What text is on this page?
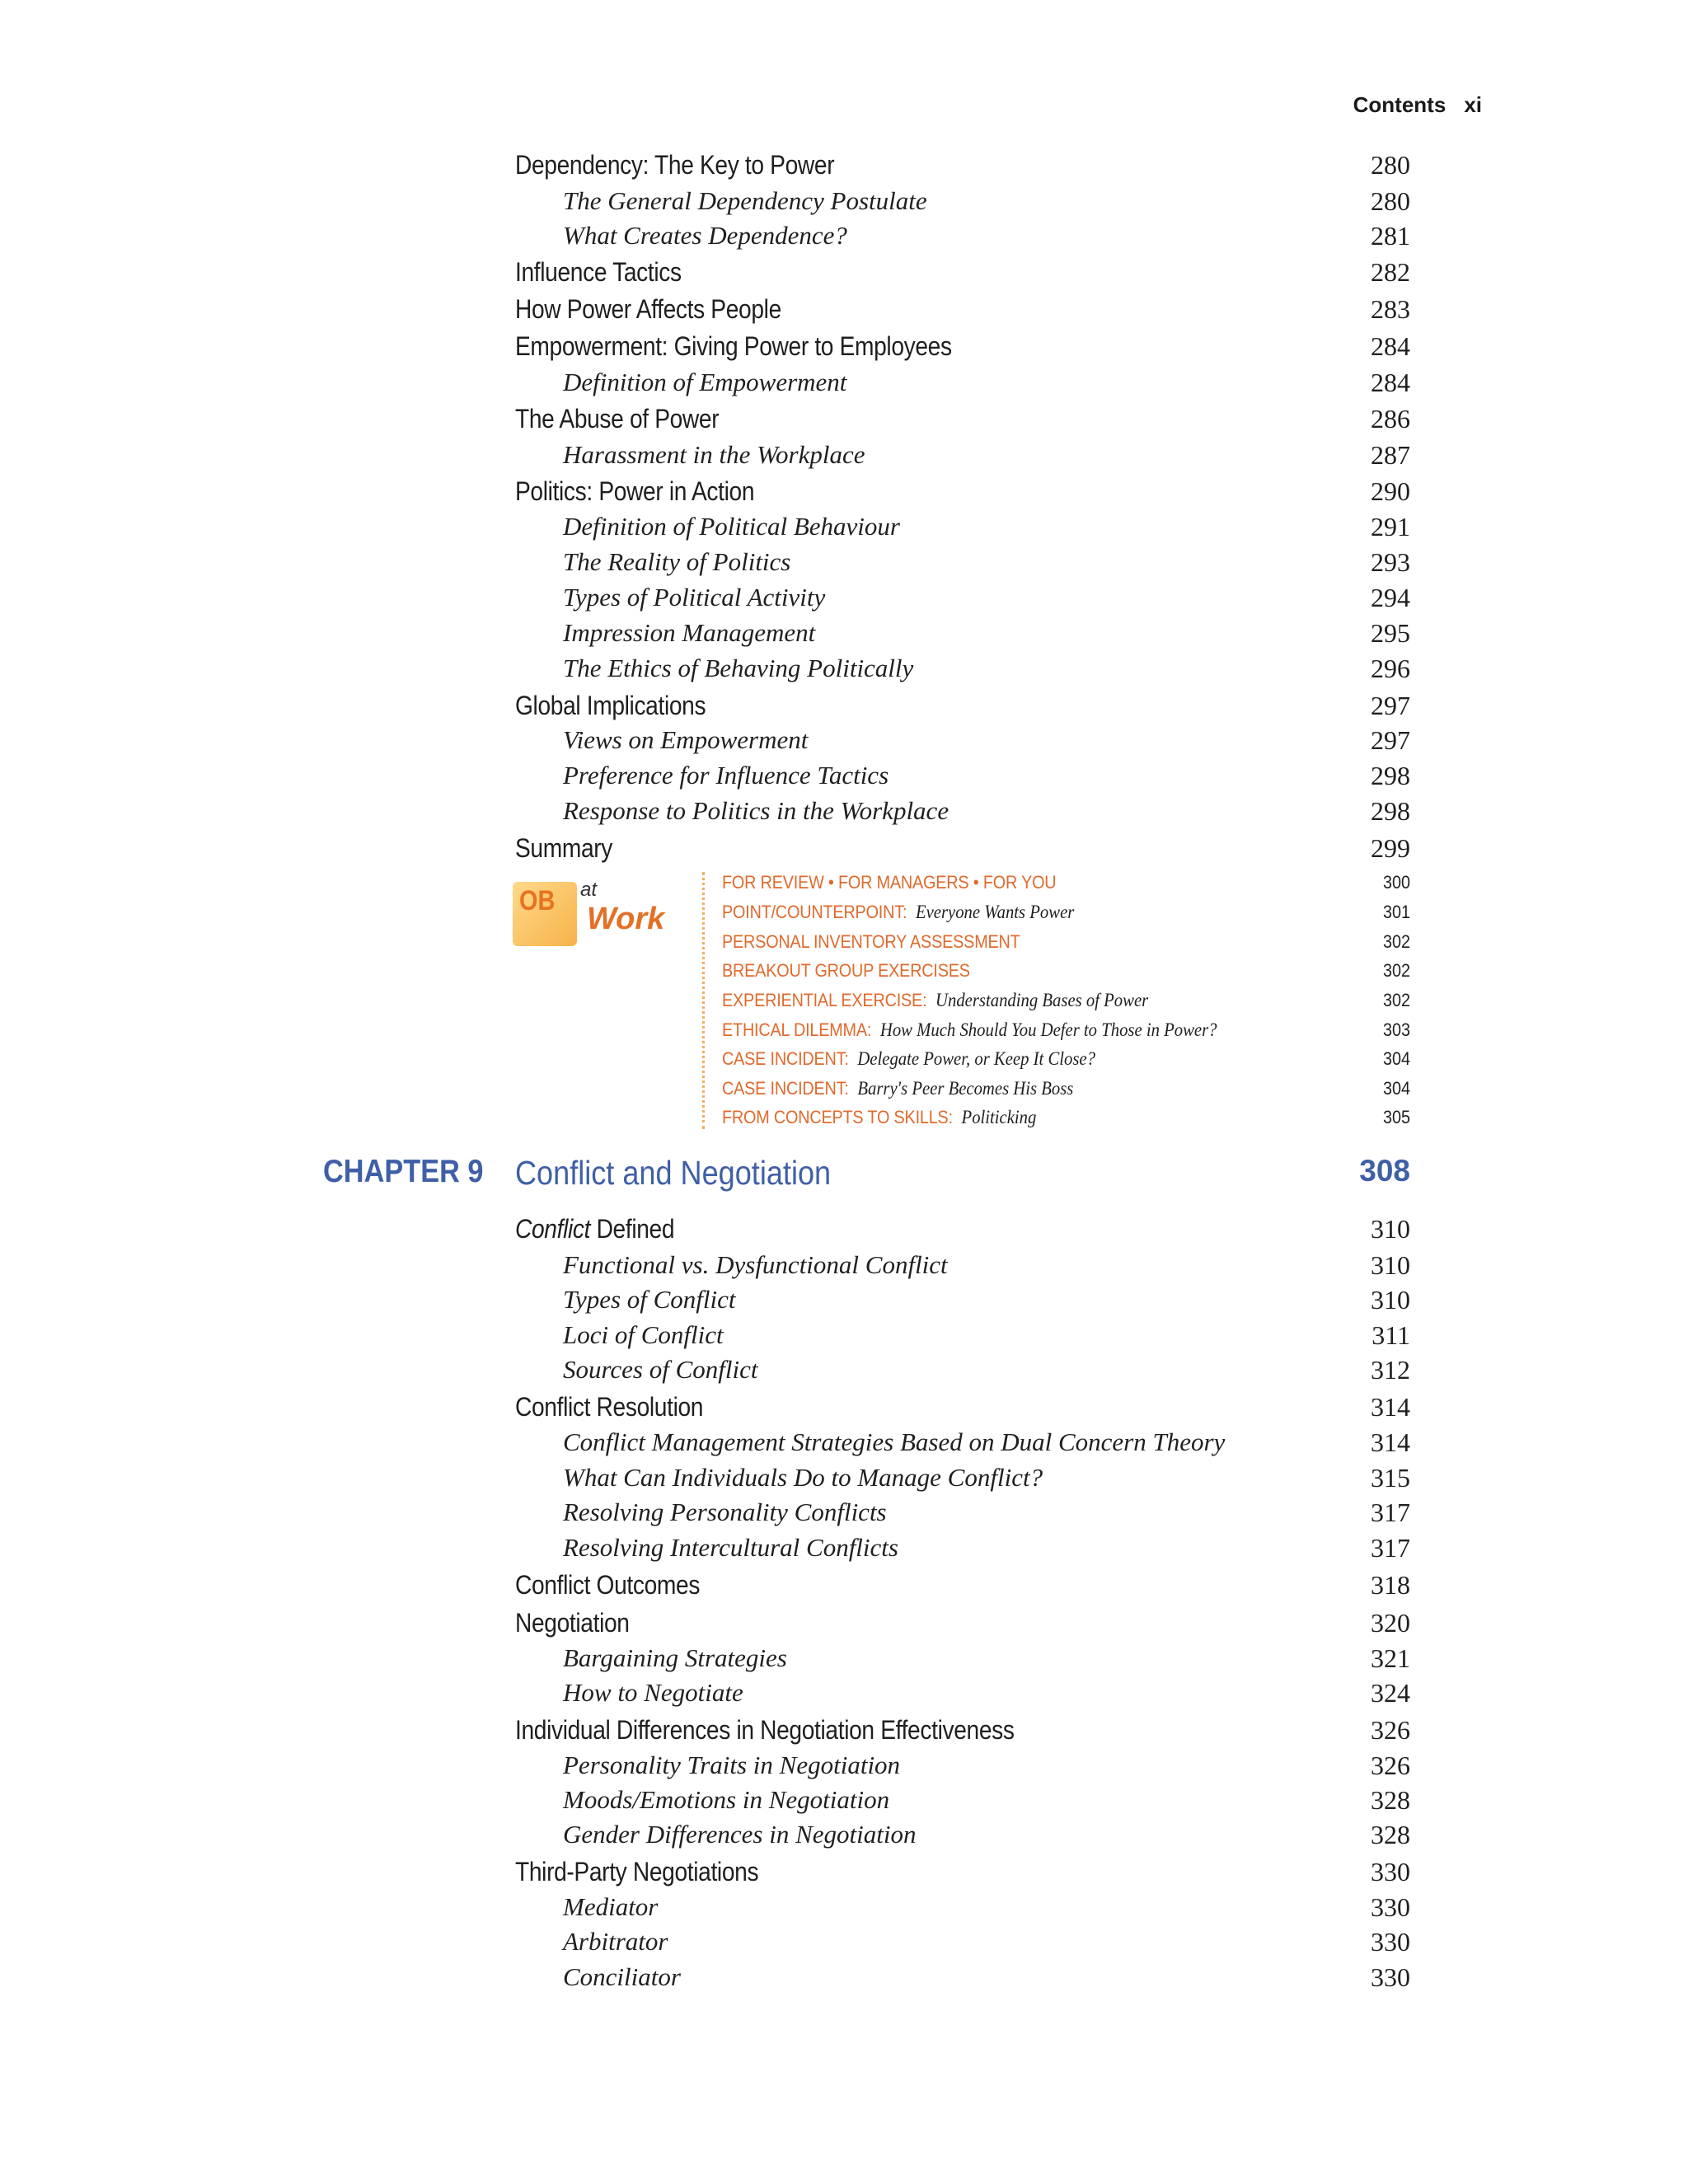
Contents xi
Dependency: The Key to Power	280
The General Dependency Postulate	280
What Creates Dependence?	281
Influence Tactics	282
How Power Affects People	283
Empowerment: Giving Power to Employees	284
Definition of Empowerment	284
The Abuse of Power	286
Harassment in the Workplace	287
Politics: Power in Action	290
Definition of Political Behaviour	291
The Reality of Politics	293
Types of Political Activity	294
Impression Management	295
The Ethics of Behaving Politically	296
Global Implications	297
Views on Empowerment	297
Preference for Influence Tactics	298
Response to Politics in the Workplace	298
Summary	299
OB at
Work
FOR REVIEW • FOR MANAGERS • FOR YOU	300
POINT/COUNTERPOINT: Everyone Wants Power	301
PERSONAL INVENTORY ASSESSMENT	302
BREAKOUT GROUP EXERCISES	302
EXPERIENTIAL EXERCISE: Understanding Bases of Power	302
ETHICAL DILEMMA: How Much Should You Defer to Those in Power?	303
CASE INCIDENT: Delegate Power, or Keep It Close?	304
CASE INCIDENT: Barry's Peer Becomes His Boss	304
FROM CONCEPTS TO SKILLS: Politicking	305
CHAPTER 9 Conflict and Negotiation	308
Conflict Defined	310
Functional vs. Dysfunctional Conflict	310
Types of Conflict	310
Loci of Conflict	311
Sources of Conflict	312
Conflict Resolution	314
Conflict Management Strategies Based on Dual Concern Theory	314
What Can Individuals Do to Manage Conflict?	315
Resolving Personality Conflicts	317
Resolving Intercultural Conflicts	317
Conflict Outcomes	318
Negotiation	320
Bargaining Strategies	321
How to Negotiate	324
Individual Differences in Negotiation Effectiveness	326
Personality Traits in Negotiation	326
Moods/Emotions in Negotiation	328
Gender Differences in Negotiation	328
Third-Party Negotiations	330
Mediator	330
Arbitrator	330
Conciliator	330
